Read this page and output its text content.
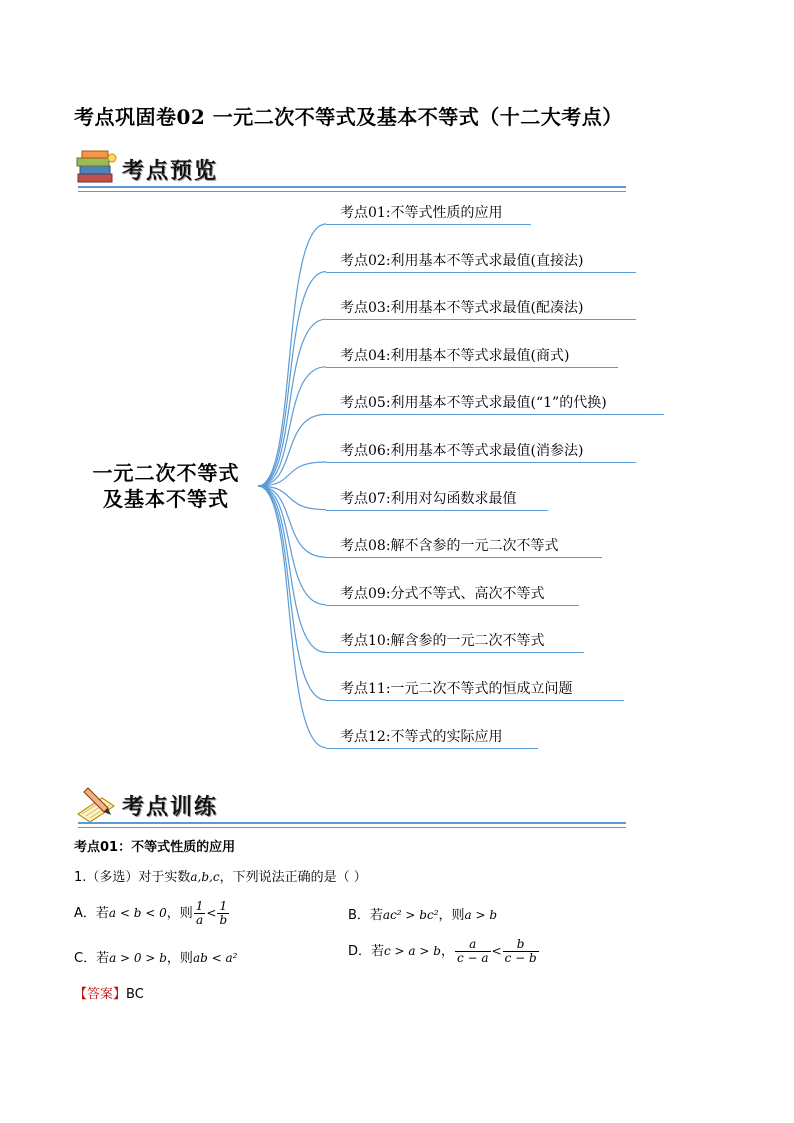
考点巩固卷02 一元二次不等式及基本不等式（十二大考点）
考点预览
一元二次不等式
及基本不等式
考点01:不等式性质的应用
考点02:利用基本不等式求最值(直接法)
考点03:利用基本不等式求最值(配凑法)
考点04:利用基本不等式求最值(商式)
考点05:利用基本不等式求最值(“1”的代换)
考点06:利用基本不等式求最值(消参法)
考点07:利用对勾函数求最值
考点08:解不含参的一元二次不等式
考点09:分式不等式、高次不等式
考点10:解含参的一元二次不等式
考点11:一元二次不等式的恒成立问题
考点12:不等式的实际应用
考点训练
考点01：不等式性质的应用
1.（多选）对于实数a,b,c，下列说法正确的是（ ）
A．若a < b < 0，则 $\frac{1}{a} < \frac{1}{b}$	B．若ac² > bc²，则a > b
C．若a > 0 > b，则ab < a²	D．若c > a > b， $\frac{a}{c - a} < \frac{b}{c - b}$
【答案】BC
